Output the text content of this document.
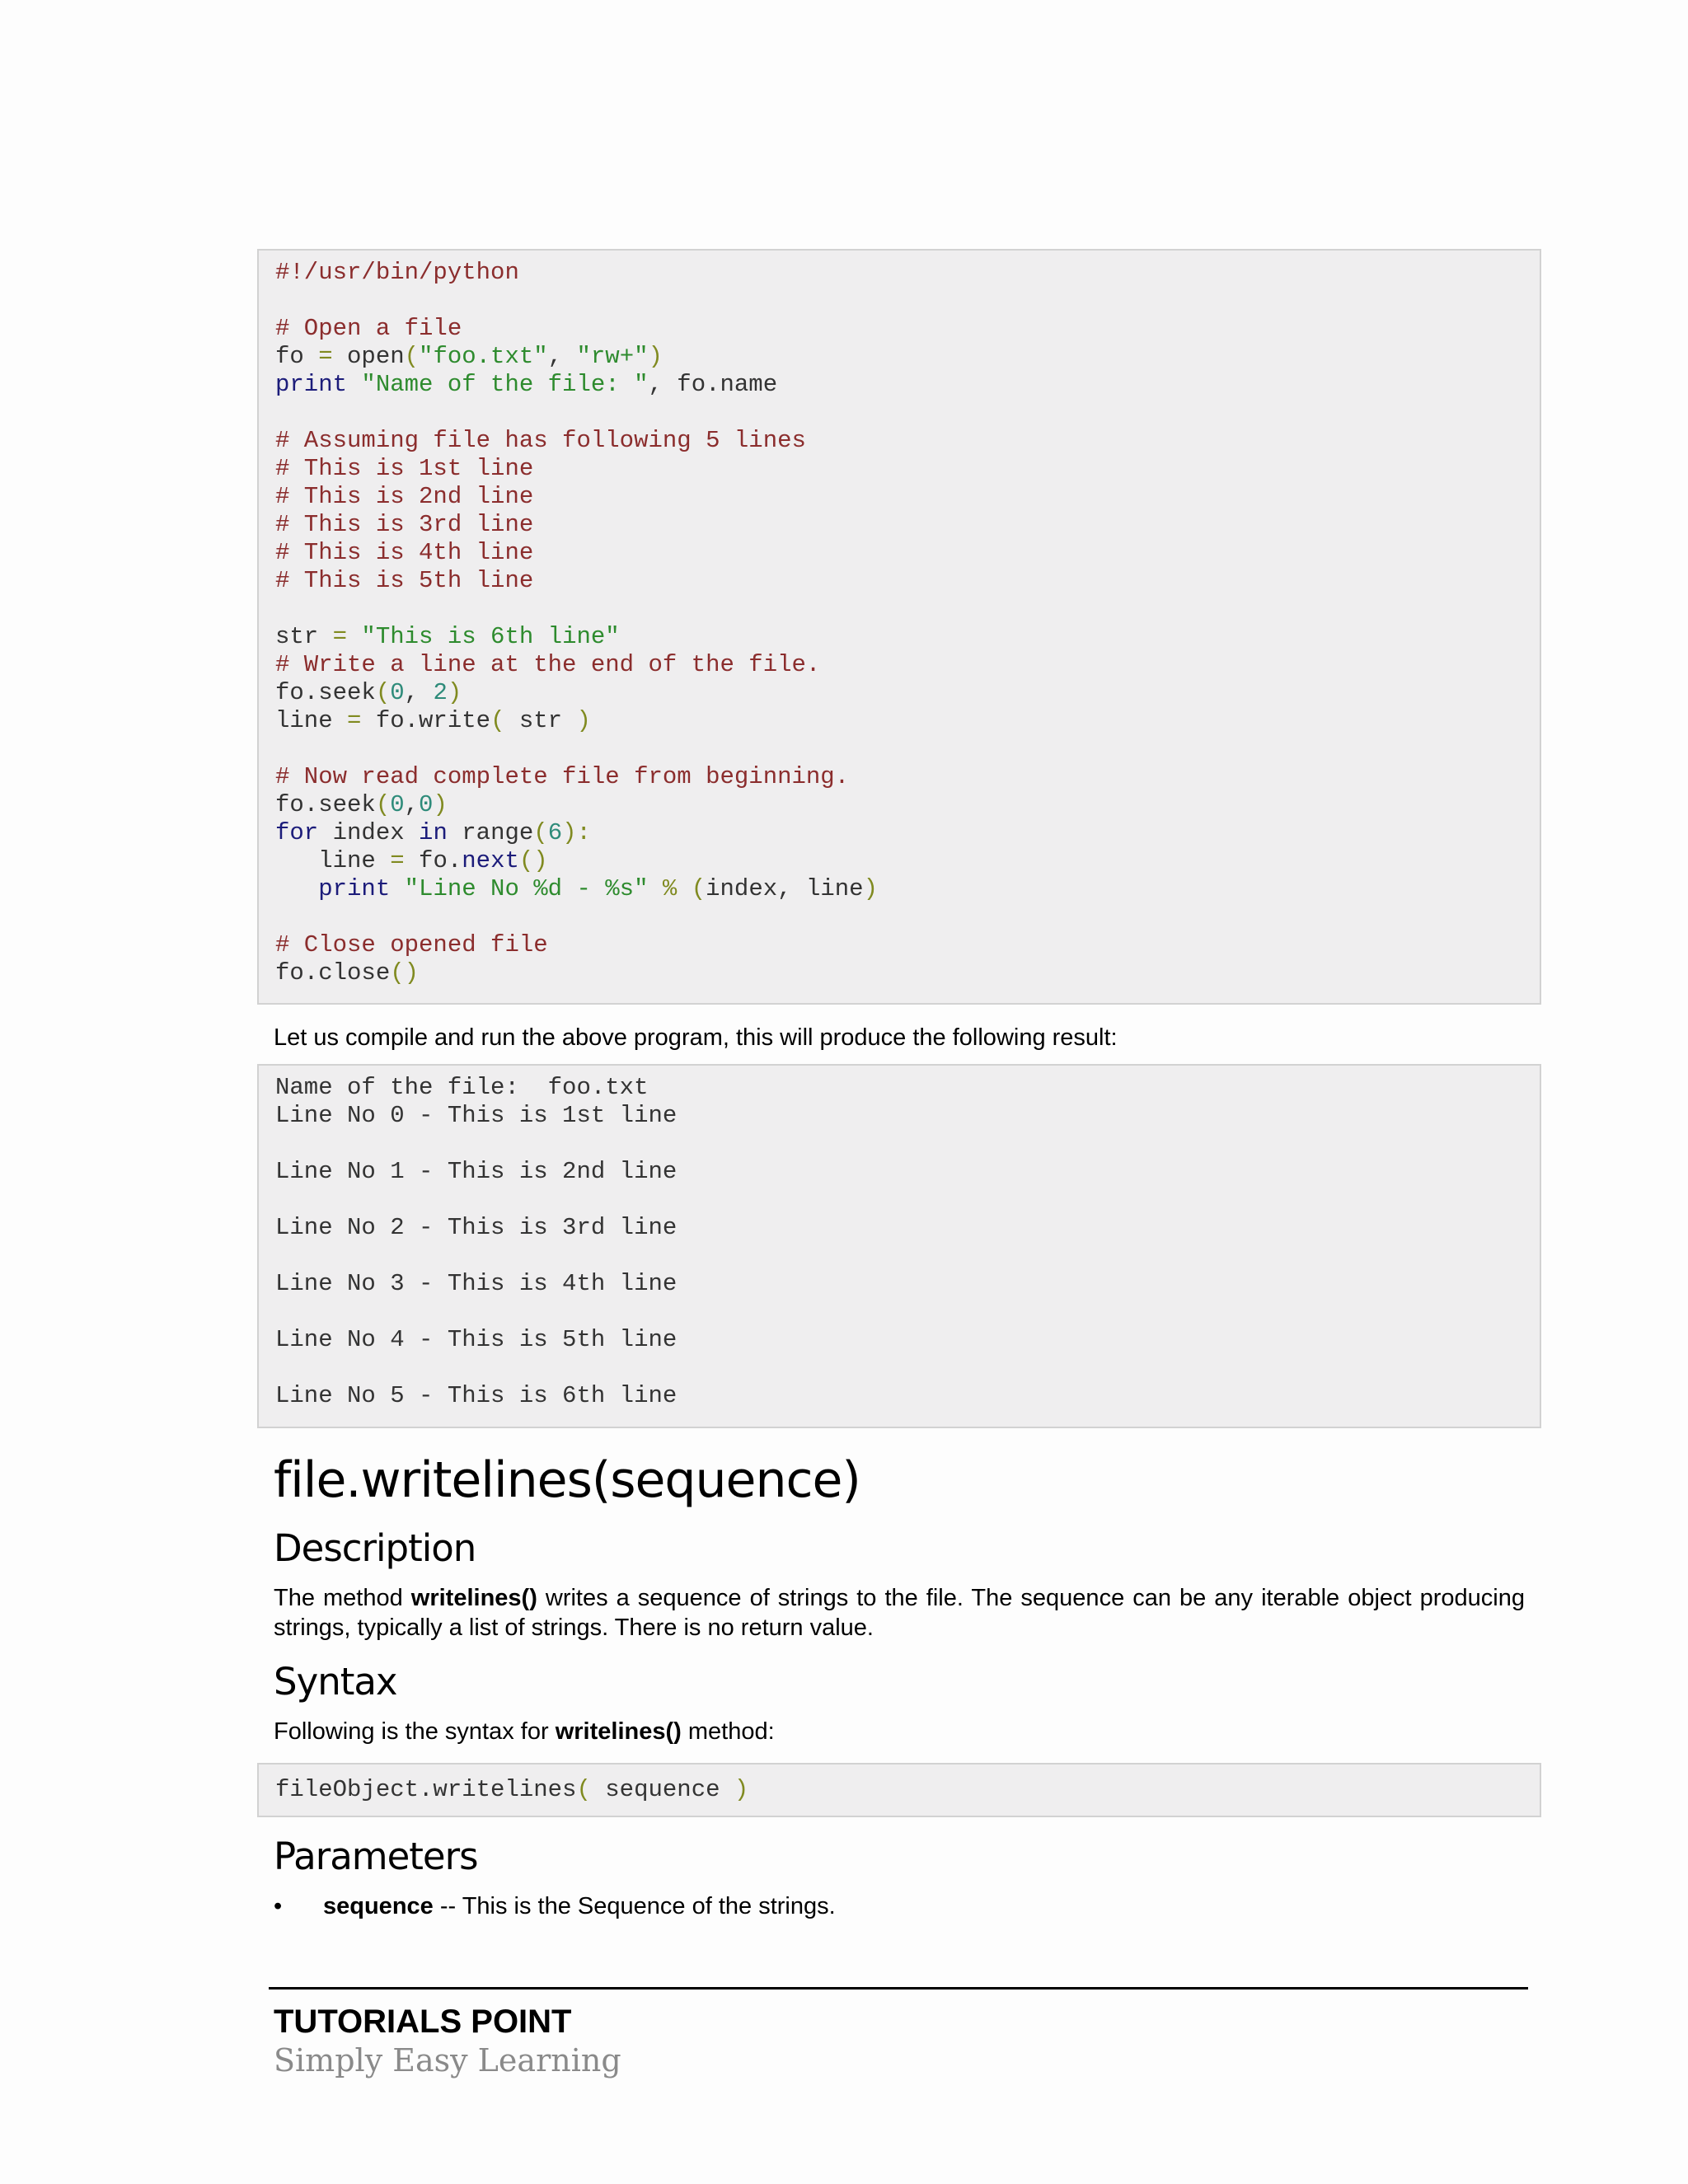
#!/usr/bin/python

# Open a file
fo = open("foo.txt", "rw+")
print "Name of the file: ", fo.name

# Assuming file has following 5 lines
# This is 1st line
# This is 2nd line
# This is 3rd line
# This is 4th line
# This is 5th line

str = "This is 6th line"
# Write a line at the end of the file.
fo.seek(0, 2)
line = fo.write( str )

# Now read complete file from beginning.
fo.seek(0,0)
for index in range(6):
line = fo.next()
print "Line No %d - %s" % (index, line)

# Close opened file
fo.close()

Let us compile and run the above program, this will produce the following result:

Name of the file:  foo.txt
Line No 0 - This is 1st line

Line No 1 - This is 2nd line

Line No 2 - This is 3rd line

Line No 3 - This is 4th line

Line No 4 - This is 5th line

Line No 5 - This is 6th line
file.writelines(sequence)
Description

The method writelines() writes a sequence of strings to the file. The sequence can be any iterable object producing strings, typically a list of strings. There is no return value.

Syntax

Following is the syntax for writelines() method:

fileObject.writelines( sequence )
Parameters
•	sequence -- This is the Sequence of the strings.
TUTORIALS POINT
Simply Easy Learning
